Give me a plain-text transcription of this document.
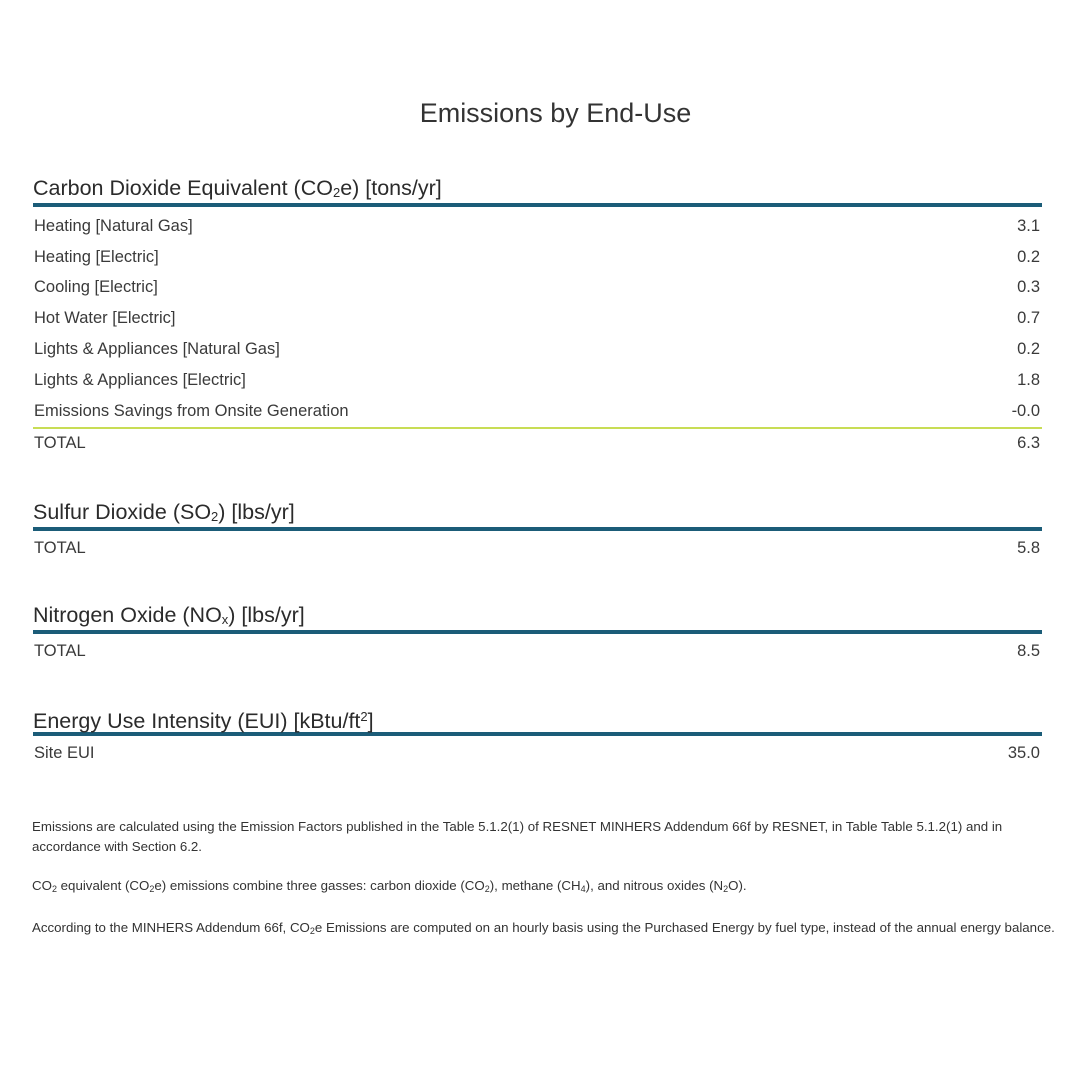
Emissions by End-Use
Carbon Dioxide Equivalent $(CO_2e)$ [tons/yr]
Heating [Natural Gas]	3.1
Heating [Electric]	0.2
Cooling [Electric]	0.3
Hot Water [Electric]	0.7
Lights & Appliances [Natural Gas]	0.2
Lights & Appliances [Electric]	1.8
Emissions Savings from Onsite Generation	-0.0
TOTAL	6.3
Sulfur Dioxide $(SO_2)$ [lbs/yr]
TOTAL	5.8
Nitrogen Oxide $(NO_x)$ [lbs/yr]
TOTAL	8.5
Energy Use Intensity (EUI) $[kBtu/ft^2]$
Site EUI	35.0

Emissions are calculated using the Emission Factors published in the Table 5.1.2(1) of RESNET MINHERS Addendum 66f by RESNET, in Table Table 5.1.2(1) and in accordance with Section 6.2.

$CO_2$ equivalent $(CO_2e)$ emissions combine three gasses: carbon dioxide $(CO_2)$, methane $(CH_4)$, and nitrous oxides $(N_2O)$.

According to the MINHERS Addendum 66f, $CO_2e$ Emissions are computed on an hourly basis using the Purchased Energy by fuel type, instead of the annual energy balance.
